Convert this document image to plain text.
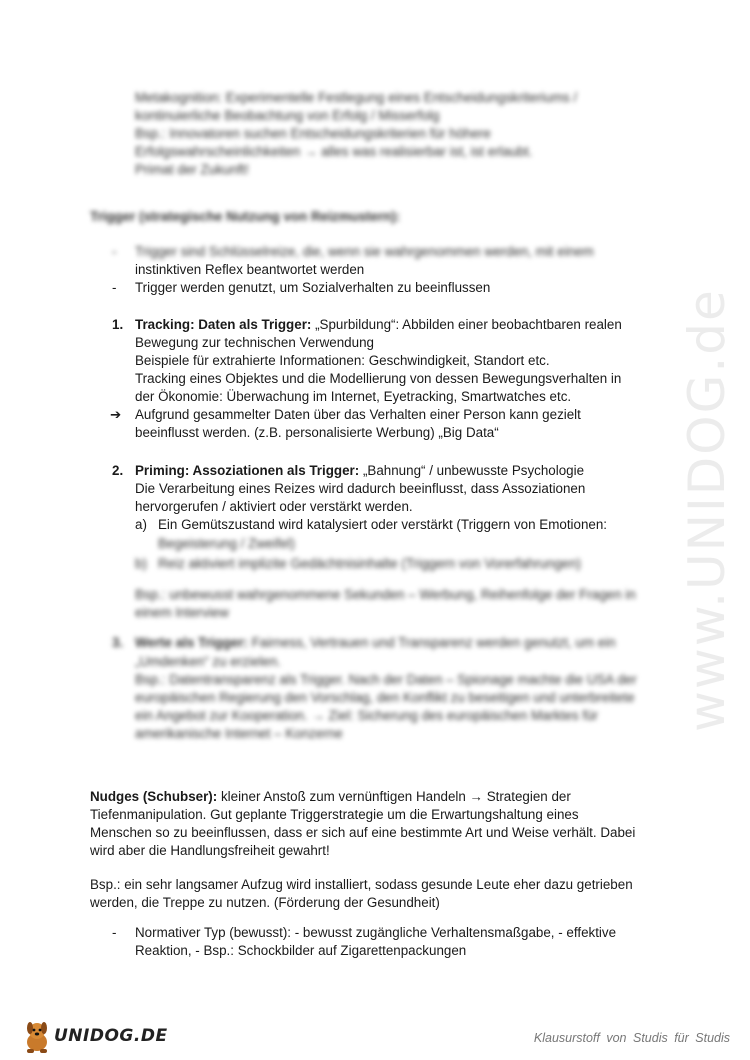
www.UNIDOG.de
Metakognition: Experimentelle Festlegung eines Entscheidungskriteriums /
kontinuierliche Beobachtung von Erfolg / Misserfolg
Bsp.: Innovatoren suchen Entscheidungskriterien für höhere
Erfolgswahrscheinlichkeiten → alles was realisierbar ist, ist erlaubt.
Primat der Zukunft!
Trigger (strategische Nutzung von Reizmustern):
- Trigger sind Schlüsselreize, die, wenn sie wahrgenommen werden, mit einem
instinktiven Reflex beantwortet werden
- Trigger werden genutzt, um Sozialverhalten zu beeinflussen
1. Tracking: Daten als Trigger: „Spurbildung“: Abbilden einer beobachtbaren realen
Bewegung zur technischen Verwendung
Beispiele für extrahierte Informationen: Geschwindigkeit, Standort etc.
Tracking eines Objektes und die Modellierung von dessen Bewegungsverhalten in
der Ökonomie: Überwachung im Internet, Eyetracking, Smartwatches etc.
➔ Aufgrund gesammelter Daten über das Verhalten einer Person kann gezielt
beeinflusst werden. (z.B. personalisierte Werbung) „Big Data“
2. Priming: Assoziationen als Trigger: „Bahnung“ / unbewusste Psychologie
Die Verarbeitung eines Reizes wird dadurch beeinflusst, dass Assoziationen
hervorgerufen / aktiviert oder verstärkt werden.
a) Ein Gemütszustand wird katalysiert oder verstärkt (Triggern von Emotionen:
Begeisterung / Zweifel)
b) Reiz aktiviert implizite Gedächtnisinhalte (Triggern von Vorerfahrungen)
Bsp.: unbewusst wahrgenommene Sekunden – Werbung, Reihenfolge der Fragen in
einem Interview
3. Werte als Trigger: Fairness, Vertrauen und Transparenz werden genutzt, um ein
„Umdenken“ zu erzielen.
Bsp.: Datentransparenz als Trigger. Nach der Daten – Spionage machte die USA der
europäischen Regierung den Vorschlag, den Konflikt zu beseitigen und unterbreitete
ein Angebot zur Kooperation. → Ziel: Sicherung des europäischen Marktes für
amerikanische Internet – Konzerne
Nudges (Schubser): kleiner Anstoß zum vernünftigen Handeln → Strategien der
Tiefenmanipulation. Gut geplante Triggerstrategie um die Erwartungshaltung eines
Menschen so zu beeinflussen, dass er sich auf eine bestimmte Art und Weise verhält. Dabei
wird aber die Handlungsfreiheit gewahrt!
Bsp.: ein sehr langsamer Aufzug wird installiert, sodass gesunde Leute eher dazu getrieben
werden, die Treppe zu nutzen. (Förderung der Gesundheit)
- Normativer Typ (bewusst): - bewusst zugängliche Verhaltensmaßgabe, - effektive
Reaktion, - Bsp.: Schockbilder auf Zigarettenpackungen
UNIDOG.DE	Klausurstoff von Studis für Studis
